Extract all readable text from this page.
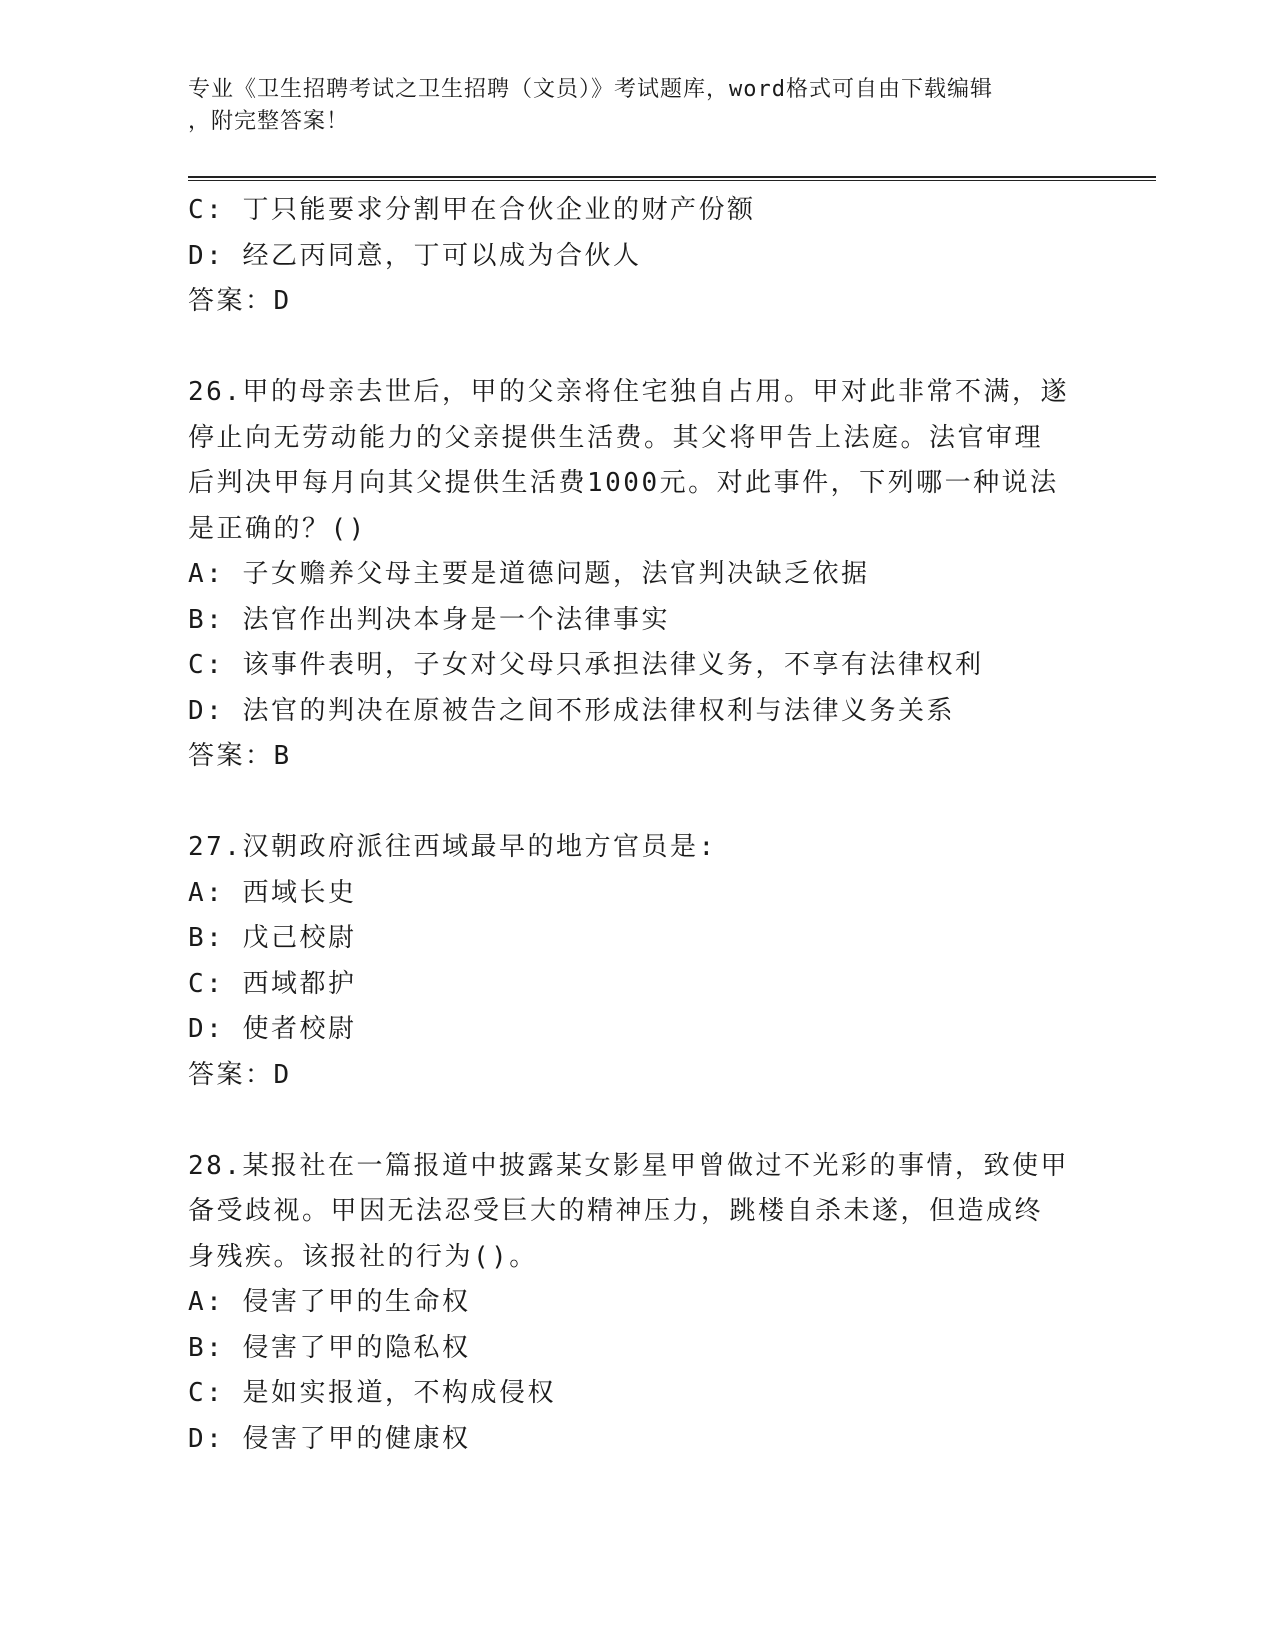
专业《卫生招聘考试之卫生招聘（文员）》考试题库，word格式可自由下载编辑
，附完整答案！
C: 丁只能要求分割甲在合伙企业的财产份额
D: 经乙丙同意，丁可以成为合伙人
答案：D
26.甲的母亲去世后，甲的父亲将住宅独自占用。甲对此非常不满，遂
停止向无劳动能力的父亲提供生活费。其父将甲告上法庭。法官审理
后判决甲每月向其父提供生活费1000元。对此事件，下列哪一种说法
是正确的？()
A: 子女赡养父母主要是道德问题，法官判决缺乏依据
B: 法官作出判决本身是一个法律事实
C: 该事件表明，子女对父母只承担法律义务，不享有法律权利
D: 法官的判决在原被告之间不形成法律权利与法律义务关系
答案：B
27.汉朝政府派往西域最早的地方官员是:
A: 西域长史
B: 戊己校尉
C: 西域都护
D: 使者校尉
答案：D
28.某报社在一篇报道中披露某女影星甲曾做过不光彩的事情，致使甲
备受歧视。甲因无法忍受巨大的精神压力，跳楼自杀未遂，但造成终
身残疾。该报社的行为()。
A: 侵害了甲的生命权
B: 侵害了甲的隐私权
C: 是如实报道，不构成侵权
D: 侵害了甲的健康权
